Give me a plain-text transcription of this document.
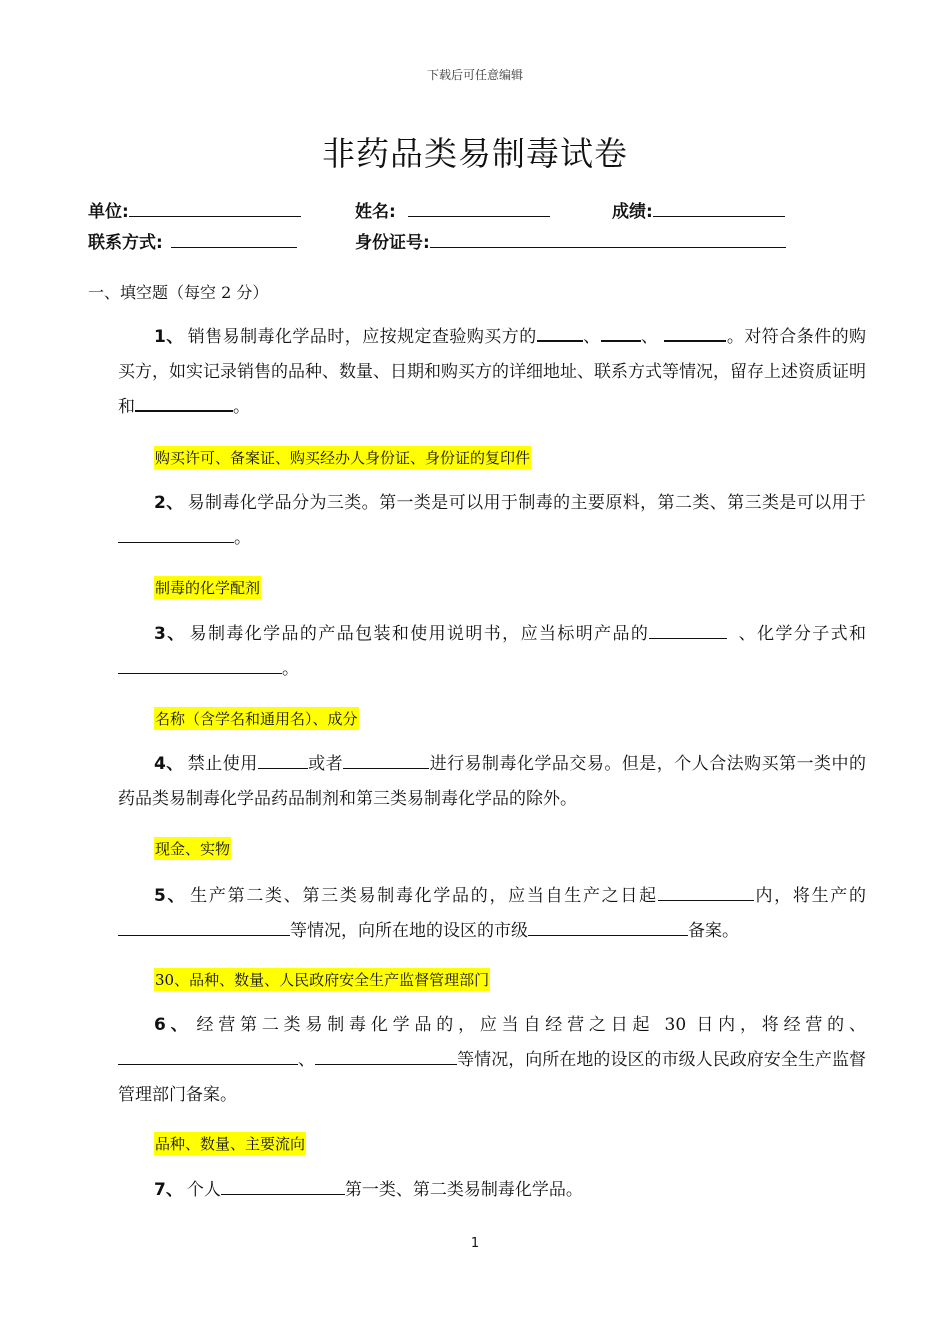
下载后可任意编辑
非药品类易制毒试卷
单位:	姓名:	成绩:
联系方式:	身份证号:
一、填空题（每空 2 分）
1、 销售易制毒化学品时，应按规定查验购买方的	、 、	。对符合条件的购买方，如实记录销售的品种、数量、日期和购买方的详细地址、联系方式等情况，留存上述资质证明和	。
购买许可、备案证、购买经办人身份证、身份证的复印件
2、 易制毒化学品分为三类。第一类是可以用于制毒的主要原料，第二类、第三类是可以用于。
制毒的化学配剂
3、 易制毒化学品的产品包装和使用说明书，应当标明产品的	、化学分子式和。
名称（含学名和通用名）、成分
4、 禁止使用	或者	进行易制毒化学品交易。但是，个人合法购买第一类中的药品类易制毒化学品药品制剂和第三类易制毒化学品的除外。
现金、实物
5、 生产第二类、第三类易制毒化学品的，应当自生产之日起	内，将生产的等情况，向所在地的设区的市级	备案。
30、品种、数量、人民政府安全生产监督管理部门
6、 经营第二类易制毒化学品的，应当自经营之日起 30 日内，将经营的、、	等情况，向所在地的设区的市级人民政府安全生产监督管理部门备案。
品种、数量、主要流向
7、 个人	第一类、第二类易制毒化学品。
1
